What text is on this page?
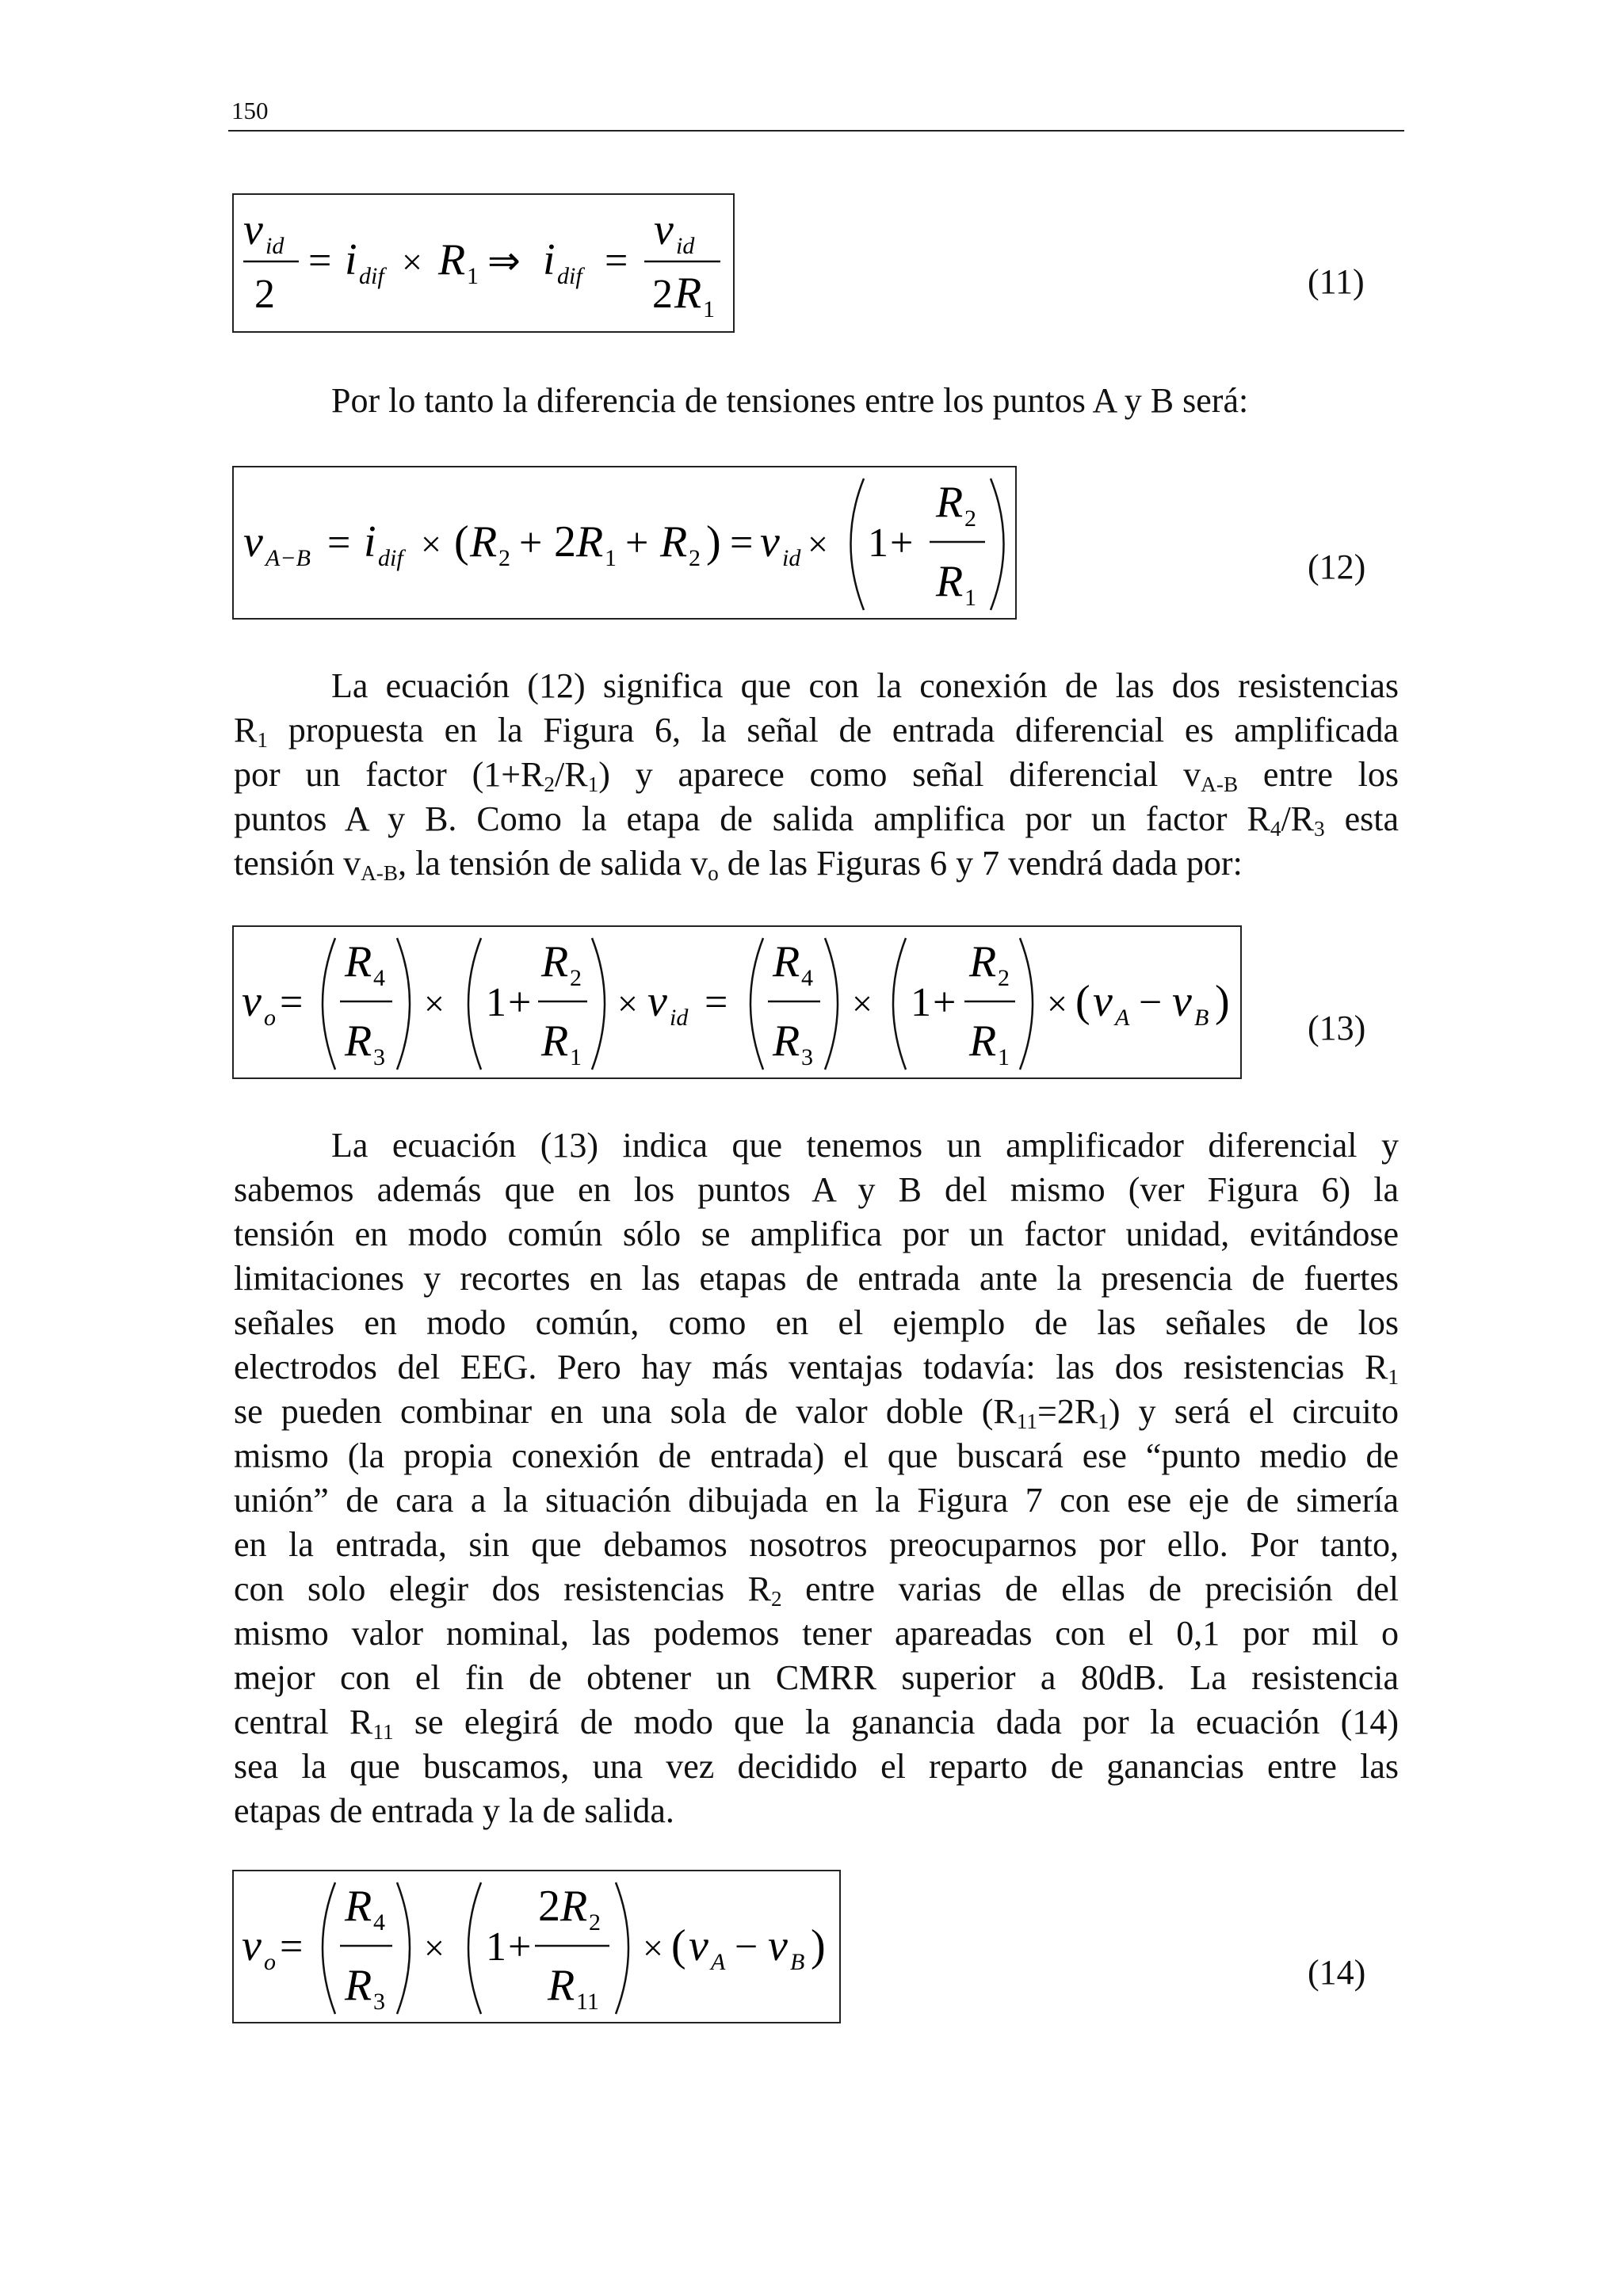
150
v id
2
= i dif × R 1 ⇒ i dif =
v id
2 R 1
(11)

Por lo tanto la diferencia de tensiones entre los puntos A y B será:

v A−B = i dif × ( R 2 + 2 R 1 + R 2 ) = v id × 1 +
R 2
R 1
(12)
La ecuación (12) significa que con la conexión de las dos resistencias
$R_1$ propuesta en la Figura 6, la señal de entrada diferencial es amplificada
por un factor $(1+R_2/R_1)$ y aparece como señal diferencial $v_{A-B}$ entre los
puntos A y B. Como la etapa de salida amplifica por un factor $R_4/R_3$ esta
tensión $v_{A-B}$, la tensión de salida $v_o$ de las Figuras 6 y 7 vendrá dada por:
v o =
R 4
R 3
× 1 +
R 2
R 1
× v id =
R 4
R 3
× 1 +
R 2
R 1
× ( v A − v B )
(13)
La ecuación (13) indica que tenemos un amplificador diferencial y
sabemos además que en los puntos A y B del mismo (ver Figura 6) la
tensión en modo común sólo se amplifica por un factor unidad, evitándose
limitaciones y recortes en las etapas de entrada ante la presencia de fuertes
señales en modo común, como en el ejemplo de las señales de los
electrodos del EEG. Pero hay más ventajas todavía: las dos resistencias $R_1$
se pueden combinar en una sola de valor doble $(R_{11}=2R_1)$ y será el circuito
mismo (la propia conexión de entrada) el que buscará ese “punto medio de
unión” de cara a la situación dibujada en la Figura 7 con ese eje de simería
en la entrada, sin que debamos nosotros preocuparnos por ello. Por tanto,
con solo elegir dos resistencias $R_2$ entre varias de ellas de precisión del
mismo valor nominal, las podemos tener apareadas con el 0,1 por mil o
mejor con el fin de obtener un CMRR superior a 80dB. La resistencia
central $R_{11}$ se elegirá de modo que la ganancia dada por la ecuación (14)
sea la que buscamos, una vez decidido el reparto de ganancias entre las
etapas de entrada y la de salida.
v o =
R 4
R 3
× 1 +
2 R 2
R 11
× ( v A − v B )
(14)
